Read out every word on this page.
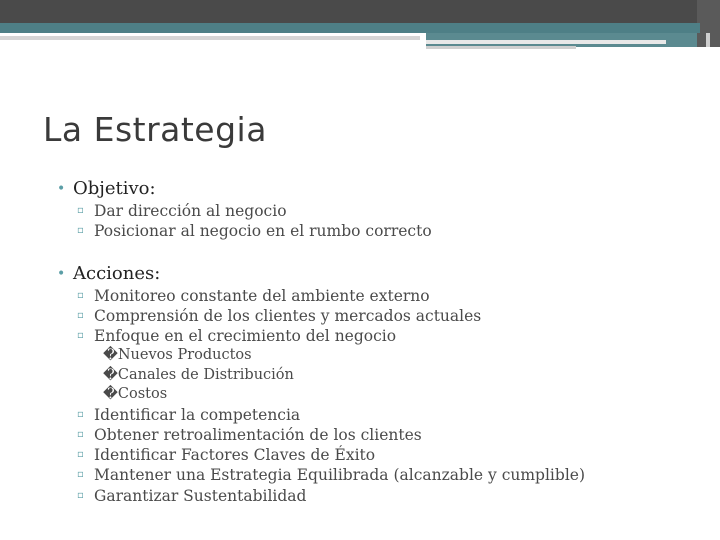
La Estrategia
• Objetivo:
▫ Dar dirección al negocio
▫ Posicionar al negocio en el rumbo correcto
• Acciones:
▫ Monitoreo constante del ambiente externo
▫ Comprensión de los clientes y mercados actuales
▫ Enfoque en el crecimiento del negocio
�Nuevos Productos
�Canales de Distribución
�Costos
▫ Identificar la competencia
▫ Obtener retroalimentación de los clientes
▫ Identificar Factores Claves de Éxito
▫ Mantener una Estrategia Equilibrada (alcanzable y cumplible)
▫ Garantizar Sustentabilidad
